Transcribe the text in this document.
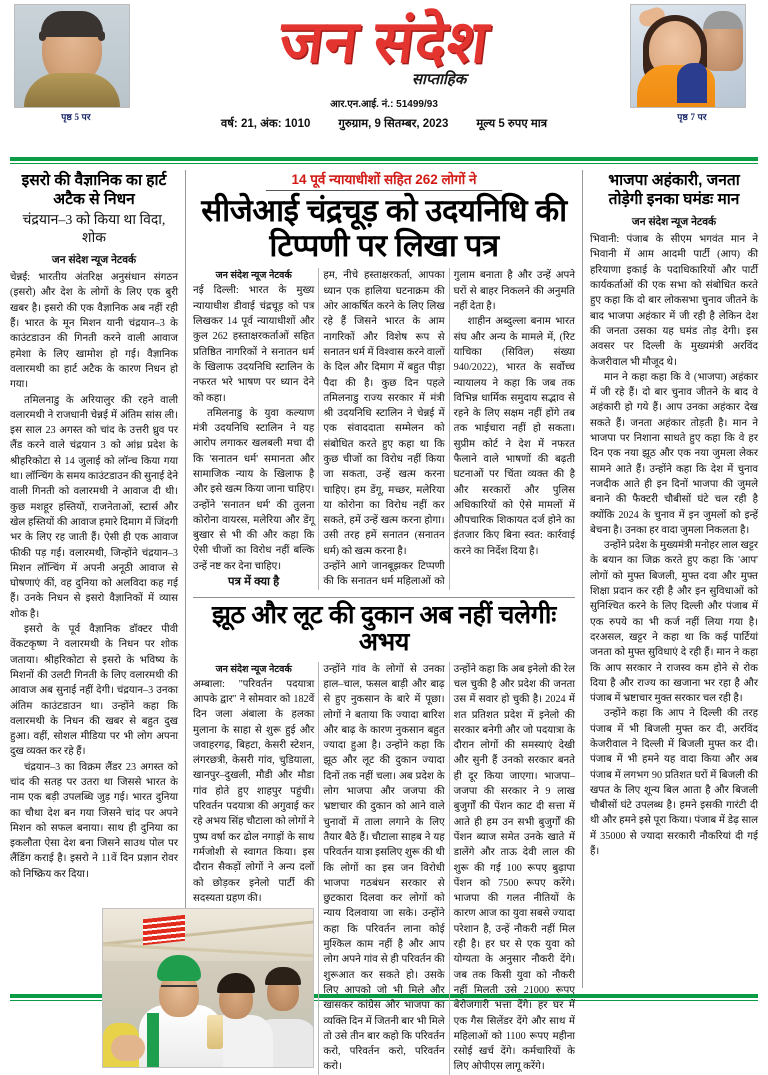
पृष्ठ 5 पर
जन संदेश
साप्ताहिक
आर.एन.आई. नं.: 51499/93
वर्ष: 21, अंक: 1010 गुरुग्राम, 9 सितम्बर, 2023 मूल्य 5 रुपए मात्र
पृष्ठ 7 पर
इसरो की वैज्ञानिक का हार्ट अटैक से निधन
चंद्रयान–3 को किया था विदा, शोक
जन संदेश न्यूज नेटवर्क

चेन्नई: भारतीय अंतरिक्ष अनुसंधान संगठन (इसरो) और देश के लोगों के लिए एक बुरी खबर है। इसरो की एक वैज्ञानिक अब नहीं रही हैं। भारत के मून मिशन यानी चंद्रयान–3 के काउंटडाउन की गिनती करने वाली आवाज हमेशा के लिए खामोश हो गई। वैज्ञानिक वलारमथी का हार्ट अटैक के कारण निधन हो गया।

तमिलनाडु के अरियालुर की रहने वाली वलारमथी ने राजधानी चेन्नई में अंतिम सांस ली। इस साल 23 अगस्त को चांद के उत्तरी ध्रुव पर लैंड करने वाले चंद्रयान 3 को आंध्र प्रदेश के श्रीहरिकोटा से 14 जुलाई को लॉन्च किया गया था। लॉन्चिंग के समय काउंटडाउन की सुनाई देने वाली गिनती को वलारमथी ने आवाज दी थी। कुछ मशहूर हस्तियों, राजनेताओं, स्टार्स और खेल हस्तियों की आवाज हमारे दिमाग में जिंदगी भर के लिए रह जाती हैं। ऐसी ही एक आवाज फीकी पड़ गई। वलारमथी, जिन्होंने चंद्रयान–3 मिशन लॉन्चिंग में अपनी अनूठी आवाज से घोषणाएं कीं, वह दुनिया को अलविदा कह गई हैं। उनके निधन से इसरो वैज्ञानिकों में व्यास शोक है।

इसरो के पूर्व वैज्ञानिक डॉक्टर पीवी वेंकटकृष्ण ने वलारमथी के निधन पर शोक जताया। श्रीहरिकोटा से इसरो के भविष्य के मिशनों की उलटी गिनती के लिए वलारमथी की आवाज अब सुनाई नहीं देगी। चंद्रयान–3 उनका अंतिम काउंटडाउन था। उन्होंने कहा कि वलारमथी के निधन की खबर से बहुत दुख हुआ। वहीं, सोशल मीडिया पर भी लोग अपना दुख व्यक्त कर रहे हैं।

चंद्रयान–3 का विक्रम लैंडर 23 अगस्त को चांद की सतह पर उतरा था जिससे भारत के नाम एक बड़ी उपलब्धि जुड़ गई। भारत दुनिया का चौथा देश बन गया जिसने चांद पर अपने मिशन को सफल बनाया। साथ ही दुनिया का इकलौता ऐसा देश बना जिसने साउथ पोल पर लैंडिंग कराई है। इसरो ने 11वें दिन प्रज्ञान रोवर को निष्क्रिय कर दिया।

14 पूर्व न्यायाधीशों सहित 262 लोगों ने
सीजेआई चंद्रचूड़ को उदयनिधि की टिप्पणी पर लिखा पत्र
जन संदेश न्यूज नेटवर्क

नई दिल्ली: भारत के मुख्य न्यायाधीश डीवाई चंद्रचूड़ को पत्र लिखकर 14 पूर्व न्यायाधीशों और कुल 262 हस्ताक्षरकर्ताओं सहित प्रतिष्ठित नागरिकों ने सनातन धर्म के खिलाफ उदयनिधि स्टालिन के नफरत भरे भाषण पर ध्यान देने को कहा।

तमिलनाडु के युवा कल्याण मंत्री उदयनिधि स्टालिन ने यह आरोप लगाकर खलबली मचा दी कि 'सनातन धर्म' समानता और सामाजिक न्याय के खिलाफ है और इसे खत्म किया जाना चाहिए। उन्होंने 'सनातन धर्म' की तुलना कोरोना वायरस, मलेरिया और डेंगू बुखार से भी की और कहा कि ऐसी चीजों का विरोध नहीं बल्कि उन्हें नष्ट कर देना चाहिए।

पत्र में क्या है

हम, नीचे हस्ताक्षरकर्ता, आपका ध्यान एक हालिया घटनाक्रम की ओर आकर्षित करने के लिए लिख रहे हैं जिसने भारत के आम नागरिकों और विशेष रूप से सनातन धर्म में विश्वास करने वालों के दिल और दिमाग में बहुत पीड़ा पैदा की है। कुछ दिन पहले तमिलनाडु राज्य सरकार में मंत्री श्री उदयनिधि स्टालिन ने चेन्नई में एक संवाददाता सम्मेलन को संबोधित करते हुए कहा था कि कुछ चीजों का विरोध नहीं किया जा सकता, उन्हें खत्म करना चाहिए। हम डेंगू, मच्छर, मलेरिया या कोरोना का विरोध नहीं कर सकते, हमें उन्हें खत्म करना होगा। उसी तरह हमें सनातन (सनातन धर्म) को खत्म करना है।

उन्होंने आगे जानबूझकर टिप्पणी की कि सनातन धर्म महिलाओं को गुलाम बनाता है और उन्हें अपने घरों से बाहर निकलने की अनुमति नहीं देता है।

शाहीन अब्दुल्ला बनाम भारत संघ और अन्य के मामले में, (रिट याचिका (सिविल) संख्या 940/2022), भारत के सर्वोच्च न्यायालय ने कहा कि जब तक विभिन्न धार्मिक समुदाय सद्भाव से रहने के लिए सक्षम नहीं होंगे तब तक भाईचारा नहीं हो सकता। सुप्रीम कोर्ट ने देश में नफरत फैलाने वाले भाषणों की बढ़ती घटनाओं पर चिंता व्यक्त की है और सरकारों और पुलिस अधिकारियों को ऐसे मामलों में औपचारिक शिकायत दर्ज होने का इंतजार किए बिना स्वत: कार्रवाई करने का निर्देश दिया है।

झूठ और लूट की दुकान अब नहीं चलेगीः अभय
जन संदेश न्यूज नेटवर्क

अम्बाला: ''परिवर्तन पदयात्रा आपके द्वार'' ने सोमवार को 182वें दिन जला अंबाला के हलका मुलाना के साहा से शुरू हुई और जवाहरगढ़, बिहटा, केसरी स्टेशन, लंगरछत्री, केसरी गांव, चुडियाला, खानपुर–दुखली, मौडी और मौडा गांव होते हुए शाहपुर पहुंची। परिवर्तन पदयात्रा की अगुवाई कर रहे अभय सिंह चौटाला को लोगों ने पुष्प वर्षा कर ढोल नगाड़ों के साथ गर्मजोशी से स्वागत किया। इस दौरान सैकड़ों लोगों ने अन्य दलों को छोड़कर इनेलो पार्टी की सदस्यता ग्रहण की।

उन्होंने गांव के लोगों से उनका हाल–चाल, फसल बाड़ी और बाढ़ से हुए नुकसान के बारे में पूछा। लोगों ने बताया कि ज्यादा बारिश और बाढ़ के कारण नुकसान बहुत ज्यादा हुआ है। उन्होंने कहा कि झूठ और लूट की दुकान ज्यादा दिनों तक नहीं चला। अब प्रदेश के लोग भाजपा और जजपा की भ्रष्टाचार की दुकान को आने वाले चुनावों में ताला लगाने के लिए तैयार बैठे हैं। चौटाला साहब ने यह परिवर्तन यात्रा इसलिए शुरू की थी कि लोगों का इस जन विरोधी भाजपा गठबंधन सरकार से छुटकारा दिलवा कर लोगों को न्याय दिलवाया जा सके। उन्होंने कहा कि परिवर्तन लाना कोई मुश्किल काम नहीं है और आप लोग अपने गांव से ही परिवर्तन की शुरूआत कर सकते हो। उसके लिए आपको जो भी मिले और खासकर कांग्रेस और भाजपा का व्यक्ति दिन में जितनी बार भी मिले तो उसे तीन बार कहो कि परिवर्तन करो, परिवर्तन करो, परिवर्तन करो।

उन्होंने कहा कि अब इनेलो की रेल चल चुकी है और प्रदेश की जनता उस में सवार हो चुकी है। 2024 में शत प्रतिशत प्रदेश में इनेलो की सरकार बनेगी और जो पदयात्रा के दौरान लोगों की समस्याएं देखी और सुनी हैं उनको सरकार बनते ही दूर किया जाएगा। भाजपा–जजपा की सरकार ने 9 लाख बुजुर्गों की पेंशन काट दी सत्ता में आते ही हम उन सभी बुजुर्गों की पेंशन ब्याज समेत उनके खाते में डालेंगे और ताऊ देवी लाल की शुरू की गई 100 रूपए बुढ़ापा पेंशन को 7500 रूपए करेंगे। भाजपा की गलत नीतियों के कारण आज का युवा सबसे ज्यादा परेशान है, उन्हें नौकरी नहीं मिल रही है। हर घर से एक युवा को योग्यता के अनुसार नौकरी देंगे। जब तक किसी युवा को नौकरी नहीं मिलती उसे 21000 रूपए बेरोजगारी भत्ता देंगे। हर घर में एक गैस सिलेंडर देंगे और साथ में महिलाओं को 1100 रूपए महीना रसोई खर्च देंगे। कर्मचारियों के लिए ओपीएस लागू करेंगे।

भाजपा अहंकारी, जनता तोड़ेगी इनका घमंडः मान
जन संदेश न्यूज नेटवर्क

भिवानी: पंजाब के सीएम भगवंत मान ने भिवानी में आम आदमी पार्टी (आप) की हरियाणा इकाई के पदाधिकारियों और पार्टी कार्यकर्ताओं की एक सभा को संबोधित करते हुए कहा कि दो बार लोकसभा चुनाव जीतने के बाद भाजपा अहंकार में जी रही है लेकिन देश की जनता उसका यह घमंड तोड़ देगी। इस अवसर पर दिल्ली के मुख्यमंत्री अरविंद केजरीवाल भी मौजूद थे।

मान ने कहा कहा कि वे (भाजपा) अहंकार में जी रहे हैं। दो बार चुनाव जीतने के बाद वे अहंकारी हो गये हैं। आप उनका अहंकार देख सकते हैं। जनता अहंकार तोड़ती है। मान ने भाजपा पर निशाना साधते हुए कहा कि वे हर दिन एक नया झूठ और एक नया जुमला लेकर सामने आते हैं। उन्होंने कहा कि देश में चुनाव नजदीक आते ही इन दिनों भाजपा की जुमले बनाने की फैक्टरी चौबीसों घंटे चल रही है क्योंकि 2024 के चुनाव में इन जुमलों को इन्हें बेचना है। उनका हर वादा जुमला निकलता है।

उन्होंने प्रदेश के मुख्यमंत्री मनोहर लाल खट्टर के बयान का जिक्र करते हुए कहा कि 'आप' लोगों को मुफ्त बिजली, मुफ्त दवा और मुफ्त शिक्षा प्रदान कर रही है और इन सुविधाओं को सुनिश्चित करने के लिए दिल्ली और पंजाब में एक रुपये का भी कर्ज नहीं लिया गया है। दरअसल, खट्टर ने कहा था कि कई पार्टियां जनता को मुफ्त सुविधाएं दे रही हैं। मान ने कहा कि आप सरकार ने राजस्व कम होने से रोक दिया है और राज्य का खजाना भर रहा है और पंजाब में भ्रष्टाचार मुक्त सरकार चल रही है।

उन्होंने कहा कि आप ने दिल्ली की तरह पंजाब में भी बिजली मुफ्त कर दी, अरविंद केजरीवाल ने दिल्ली में बिजली मुफ्त कर दी। पंजाब में भी हमने यह वादा किया और अब पंजाब में लगभग 90 प्रतिशत घरों में बिजली की खपत के लिए शून्य बिल आता है और बिजली चौबीसों घंटे उपलब्ध है। हमने इसकी गारंटी दी थी और हमने इसे पूरा किया। पंजाब में डेढ़ साल में 35000 से ज्यादा सरकारी नौकरियां दी गई हैं।
